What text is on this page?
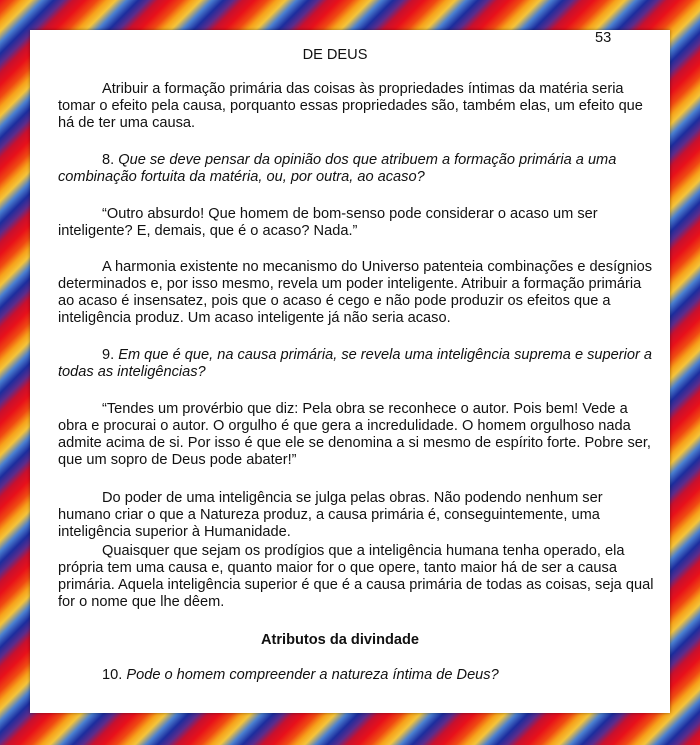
53
DE DEUS

Atribuir a formação primária das coisas às propriedades íntimas da matéria seria tomar o efeito pela causa, porquanto essas propriedades são, também elas, um efeito que há de ter uma causa.

8. Que se deve pensar da opinião dos que atribuem a formação primária a uma combinação fortuita da matéria, ou, por outra, ao acaso?

“Outro absurdo! Que homem de bom-senso pode considerar o acaso um ser inteligente? E, demais, que é o acaso? Nada.”

A harmonia existente no mecanismo do Universo patenteia combinações e desígnios determinados e, por isso mesmo, revela um poder inteligente. Atribuir a formação primária ao acaso é insensatez, pois que o acaso é cego e não pode produzir os efeitos que a inteligência produz. Um acaso inteligente já não seria acaso.

9. Em que é que, na causa primária, se revela uma inteligência suprema e superior a todas as inteligências?

“Tendes um provérbio que diz: Pela obra se reconhece o autor. Pois bem! Vede a obra e procurai o autor. O orgulho é que gera a incredulidade. O homem orgulhoso nada admite acima de si. Por isso é que ele se denomina a si mesmo de espírito forte. Pobre ser, que um sopro de Deus pode abater!”

Do poder de uma inteligência se julga pelas obras. Não podendo nenhum ser humano criar o que a Natureza produz, a causa primária é, conseguintemente, uma inteligência superior à Humanidade.

Quaisquer que sejam os prodígios que a inteligência humana tenha operado, ela própria tem uma causa e, quanto maior for o que opere, tanto maior há de ser a causa primária. Aquela inteligência superior é que é a causa primária de todas as coisas, seja qual for o nome que lhe dêem.

Atributos da divindade

10. Pode o homem compreender a natureza íntima de Deus?
